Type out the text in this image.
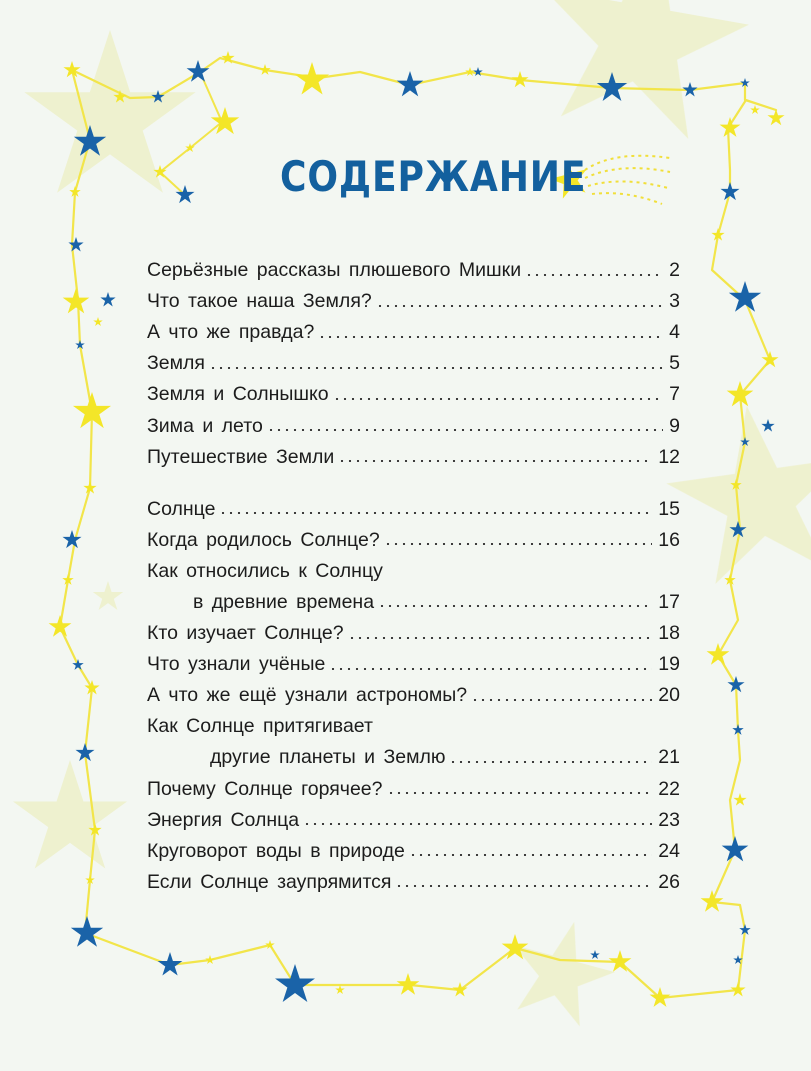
СОДЕРЖАНИЕ
Серьёзные рассказы плюшевого Мишки	2
Что такое наша Земля?	3
А что же правда?	4
Земля	5
Земля и Солнышко	7
Зима и лето	9
Путешествие Земли	12
Солнце	15
Когда родилось Солнце?	16
Как относились к Солнцу
в древние времена	17
Кто изучает Солнце?	18
Что узнали учёные	19
А что же ещё узнали астрономы?	20
Как Солнце притягивает
другие планеты и Землю	21
Почему Солнце горячее?	22
Энергия Солнца	23
Круговорот воды в природе	24
Если Солнце заупрямится	26
